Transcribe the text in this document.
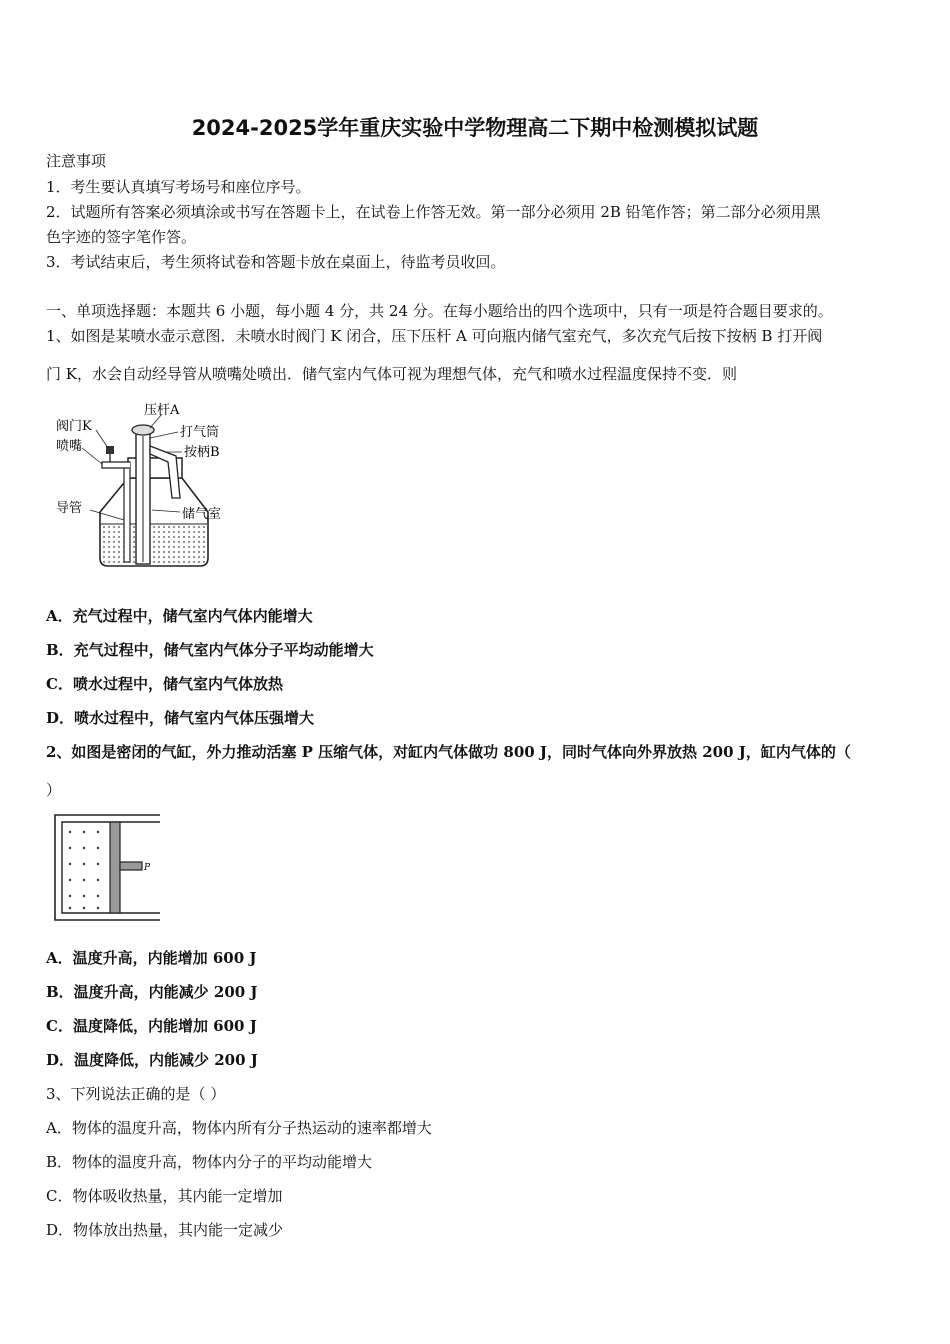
2024-2025学年重庆实验中学物理高二下期中检测模拟试题
注意事项
1．考生要认真填写考场号和座位序号。
2．试题所有答案必须填涂或书写在答题卡上，在试卷上作答无效。第一部分必须用 2B 铅笔作答；第二部分必须用黑
色字迹的签字笔作答。
3．考试结束后，考生须将试卷和答题卡放在桌面上，待监考员收回。
一、单项选择题：本题共 6 小题，每小题 4 分，共 24 分。在每小题给出的四个选项中，只有一项是符合题目要求的。
1、如图是某喷水壶示意图．未喷水时阀门 K 闭合，压下压杆 A 可向瓶内储气室充气，多次充气后按下按柄 B 打开阀
门 K，水会自动经导管从喷嘴处喷出．储气室内气体可视为理想气体，充气和喷水过程温度保持不变．则
压杆A
阀门K	打气筒
喷嘴	按柄B
导管	储气室
A．充气过程中，储气室内气体内能增大
B．充气过程中，储气室内气体分子平均动能增大
C．喷水过程中，储气室内气体放热
D．喷水过程中，储气室内气体压强增大
2、如图是密闭的气缸，外力推动活塞 P 压缩气体，对缸内气体做功 800 J，同时气体向外界放热 200 J，缸内气体的（
）
P
A．温度升高，内能增加 600 J
B．温度升高，内能减少 200 J
C．温度降低，内能增加 600 J
D．温度降低，内能减少 200 J
3、下列说法正确的是（ ）
A．物体的温度升高，物体内所有分子热运动的速率都增大
B．物体的温度升高，物体内分子的平均动能增大
C．物体吸收热量，其内能一定增加
D．物体放出热量，其内能一定减少
